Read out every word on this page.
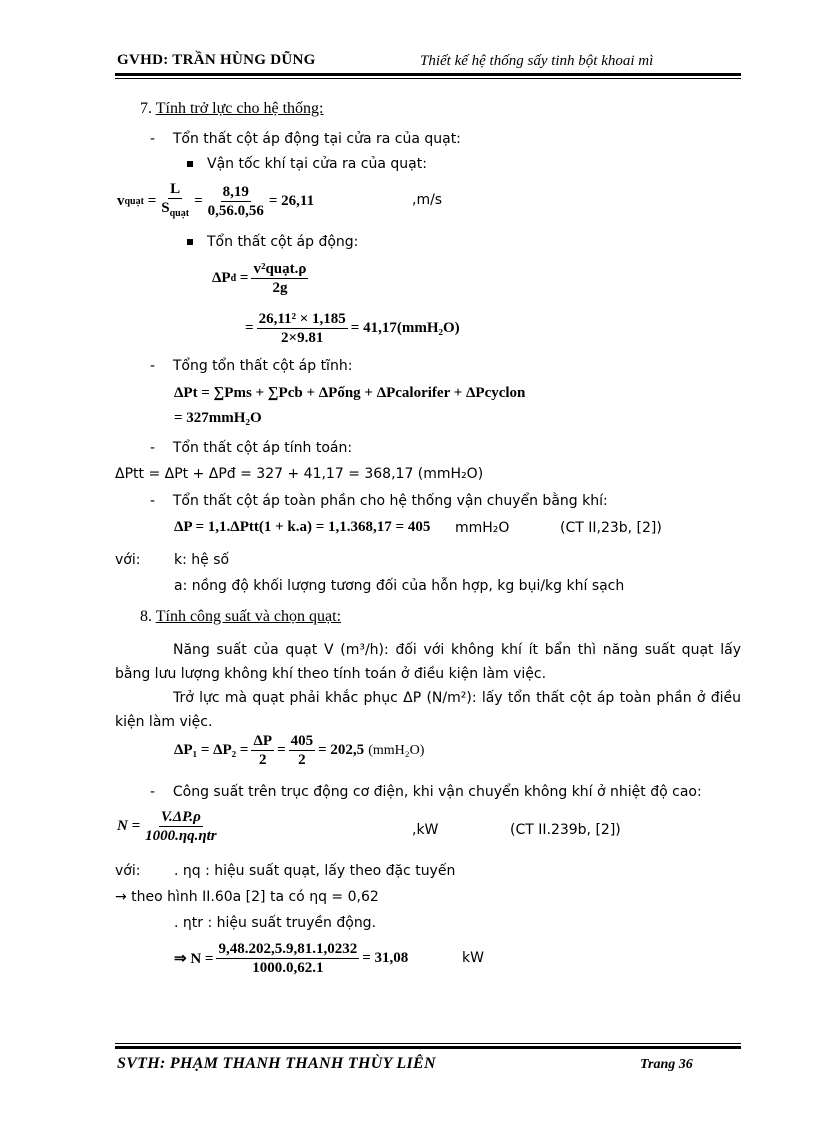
GVHD: TRẦN HÙNG DŨNG	Thiết kế hệ thống sấy tinh bột khoai mì
7. Tính trở lực cho hệ thống:
-    Tổn thất cột áp động tại cửa ra của quạt:
Vận tốc khí tại cửa ra của quạt:
v quạt = $\frac{L}{S_{quạt}} = \frac{8,19}{0,56.0,56} = 26,11$	,m/s
Tổn thất cột áp động:
ΔP đ = $\frac{\text{v²quạt.ρ}}{2g}$
= $\frac{\text{26,11² × 1,185}}{2\times 9.81} = 41,17(mmH_2O)$
-    Tổng tổn thất cột áp tĩnh:
ΔPt = ∑Pms + ∑Pcb + ΔPống + ΔPcalorifer + ΔPcyclon
= 327mmH₂O
-    Tổn thất cột áp tính toán:
ΔPtt = ΔPt + ΔPđ = 327 + 41,17 = 368,17 (mmH₂O)
-    Tổn thất cột áp toàn phần cho hệ thống vận chuyển bằng khí:
ΔP = 1,1.ΔPtt(1 + k.a) = 1,1.368,17 = 405 mmH₂O	(CT II,23b, [2])
với: k: hệ số
a: nồng độ khối lượng tương đối của hỗn hợp, kg bụi/kg khí sạch
8. Tính công suất và chọn quạt:
Năng suất của quạt V (m³/h): đối với không khí ít bẩn thì năng suất quạt lấy bằng lưu lượng không khí theo tính toán ở điều kiện làm việc.
Trở lực mà quạt phải khắc phục ΔP (N/m²): lấy tổn thất cột áp toàn phần ở điều kiện làm việc.
$\Delta P_1 = \Delta P_2 = \frac{\Delta P}{2} = \frac{405}{2} = 202,5$ (mmH₂O)
-    Công suất trên trục động cơ điện, khi vận chuyển không khí ở nhiệt độ cao:
$N = \frac{V.\Delta P.\rho}{\text{1000.ηq.ηtr}}$	,kW	(CT II.239b, [2])
với: . ηq : hiệu suất quạt, lấy theo đặc tuyến
→ theo hình II.60a [2] ta có ηq = 0,62
. ηtr : hiệu suất truyền động.
⇒ $N = \frac{9,48.202,5.9,81.1,0232}{1000.0,62.1} = 31,08$	kW
SVTH: PHẠM THANH THANH THÙY LIÊN	Trang 36
